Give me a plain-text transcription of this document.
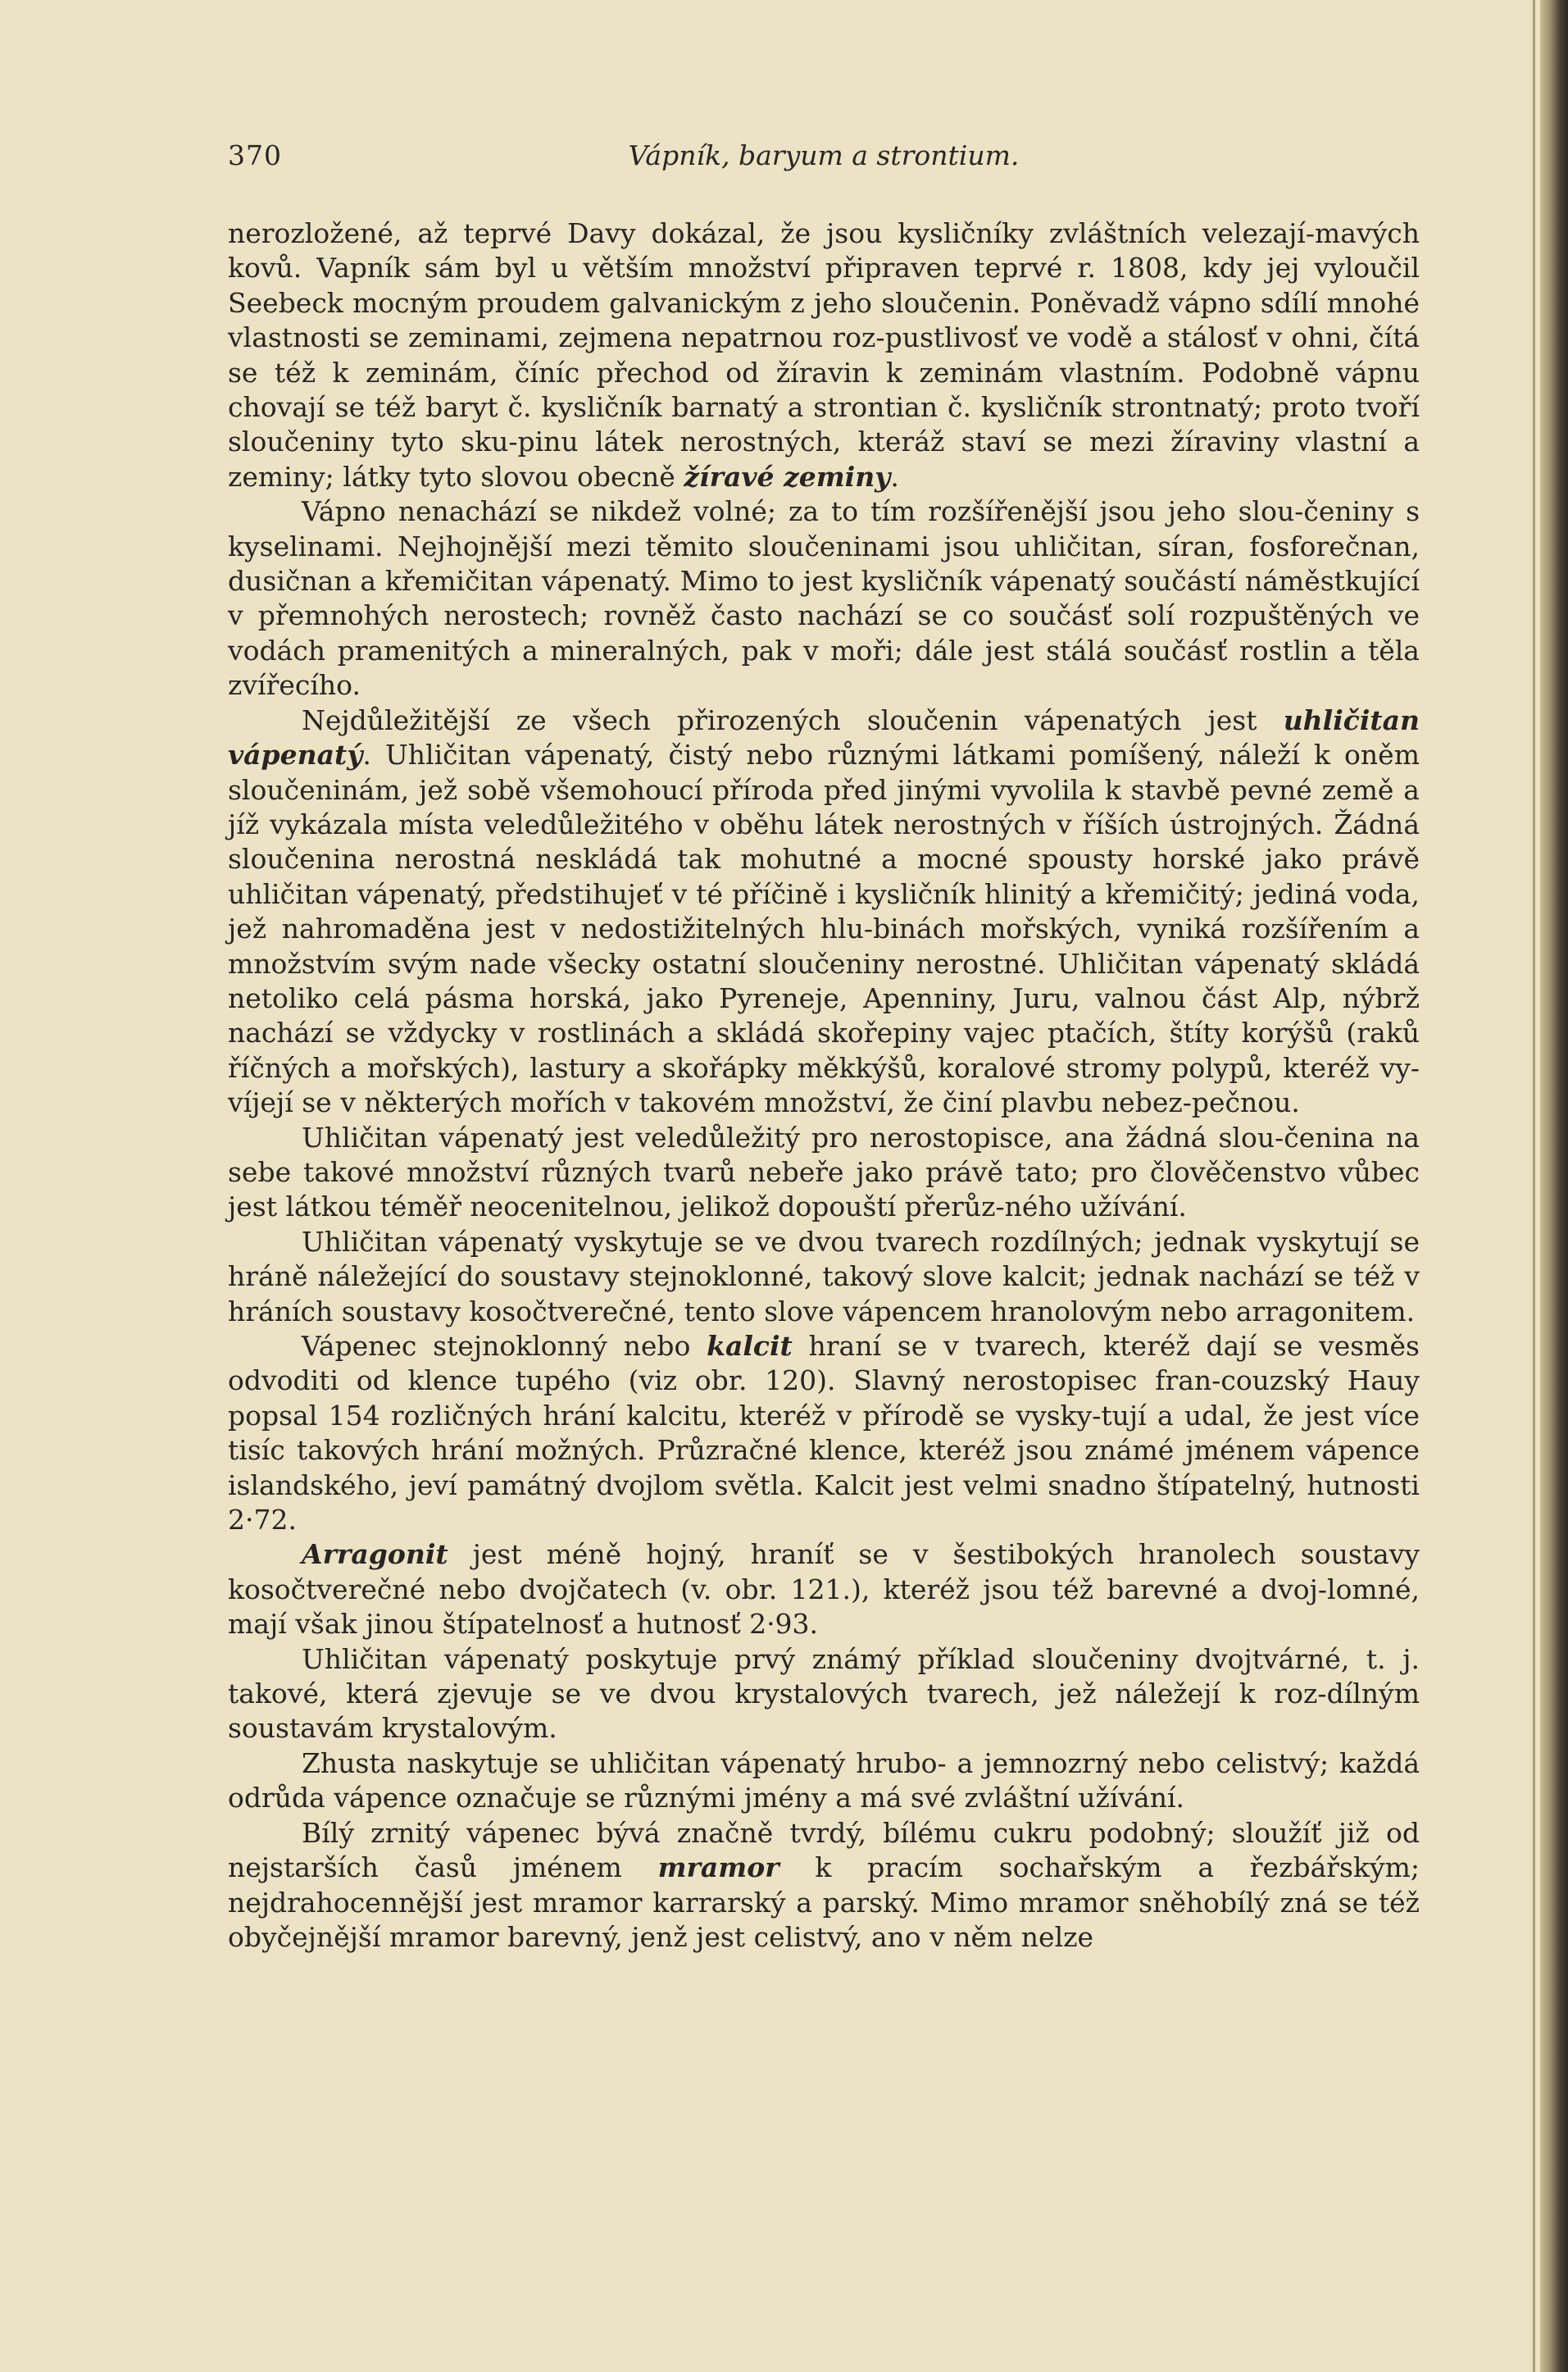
370	Vápník, baryum a strontium.

nerozložené, až teprvé Davy dokázal, že jsou kysličníky zvláštních velezají-mavých kovů. Vapník sám byl u větším množství připraven teprvé r. 1808, kdy jej vyloučil Seebeck mocným proudem galvanickým z jeho sloučenin. Poněvadž vápno sdílí mnohé vlastnosti se zeminami, zejmena nepatrnou roz-pustlivosť ve vodě a stálosť v ohni, čítá se též k zeminám, číníc přechod od žíravin k zeminám vlastním. Podobně vápnu chovají se též baryt č. kysličník barnatý a strontian č. kysličník strontnatý; proto tvoří sloučeniny tyto sku-pinu látek nerostných, kteráž staví se mezi žíraviny vlastní a zeminy; látky tyto slovou obecně žíravé zeminy.

Vápno nenachází se nikdež volné; za to tím rozšířenější jsou jeho slou-čeniny s kyselinami. Nejhojnější mezi těmito sloučeninami jsou uhličitan, síran, fosforečnan, dusičnan a křemičitan vápenatý. Mimo to jest kysličník vápenatý součástí náměstkující v přemnohých nerostech; rovněž často nachází se co součásť solí rozpuštěných ve vodách pramenitých a mineralných, pak v moři; dále jest stálá součásť rostlin a těla zvířecího.

Nejdůležitější ze všech přirozených sloučenin vápenatých jest uhličitan vápenatý. Uhličitan vápenatý, čistý nebo různými látkami pomíšený, náleží k oněm sloučeninám, jež sobě všemohoucí příroda před jinými vyvolila k stavbě pevné země a jíž vykázala místa veledůležitého v oběhu látek nerostných v říších ústrojných. Žádná sloučenina nerostná neskládá tak mohutné a mocné spousty horské jako právě uhličitan vápenatý, předstihujeť v té příčině i kysličník hlinitý a křemičitý; jediná voda, jež nahromaděna jest v nedostižitelných hlu-binách mořských, vyniká rozšířením a množstvím svým nade všecky ostatní sloučeniny nerostné. Uhličitan vápenatý skládá netoliko celá pásma horská, jako Pyreneje, Apenniny, Juru, valnou část Alp, nýbrž nachází se vždycky v rostlinách a skládá skořepiny vajec ptačích, štíty korýšů (raků říčných a mořských), lastury a skořápky měkkýšů, koralové stromy polypů, kteréž vy-víjejí se v některých mořích v takovém množství, že činí plavbu nebez-pečnou.

Uhličitan vápenatý jest veledůležitý pro nerostopisce, ana žádná slou-čenina na sebe takové množství různých tvarů nebeře jako právě tato; pro člověčenstvo vůbec jest látkou téměř neocenitelnou, jelikož dopouští přerůz-ného užívání.

Uhličitan vápenatý vyskytuje se ve dvou tvarech rozdílných; jednak vyskytují se hráně náležející do soustavy stejnoklonné, takový slove kalcit; jednak nachází se též v hráních soustavy kosočtverečné, tento slove vápencem hranolovým nebo arragonitem.

Vápenec stejnoklonný nebo kalcit hraní se v tvarech, kteréž dají se vesměs odvoditi od klence tupého (viz obr. 120). Slavný nerostopisec fran-couzský Hauy popsal 154 rozličných hrání kalcitu, kteréž v přírodě se vysky-tují a udal, že jest více tisíc takových hrání možných. Průzračné klence, kteréž jsou známé jménem vápence islandského, jeví památný dvojlom světla. Kalcit jest velmi snadno štípatelný, hutnosti 2·72.

Arragonit jest méně hojný, hraníť se v šestibokých hranolech soustavy kosočtverečné nebo dvojčatech (v. obr. 121.), kteréž jsou též barevné a dvoj-lomné, mají však jinou štípatelnosť a hutnosť 2·93.

Uhličitan vápenatý poskytuje prvý známý příklad sloučeniny dvojtvárné, t. j. takové, která zjevuje se ve dvou krystalových tvarech, jež náležejí k roz-dílným soustavám krystalovým.

Zhusta naskytuje se uhličitan vápenatý hrubo- a jemnozrný nebo celistvý; každá odrůda vápence označuje se různými jmény a má své zvláštní užívání.

Bílý zrnitý vápenec bývá značně tvrdý, bílému cukru podobný; sloužíť již od nejstarších časů jménem mramor k pracím sochařským a řezbářským; nejdrahocennější jest mramor karrarský a parský. Mimo mramor sněhobílý zná se též obyčejnější mramor barevný, jenž jest celistvý, ano v něm nelze
